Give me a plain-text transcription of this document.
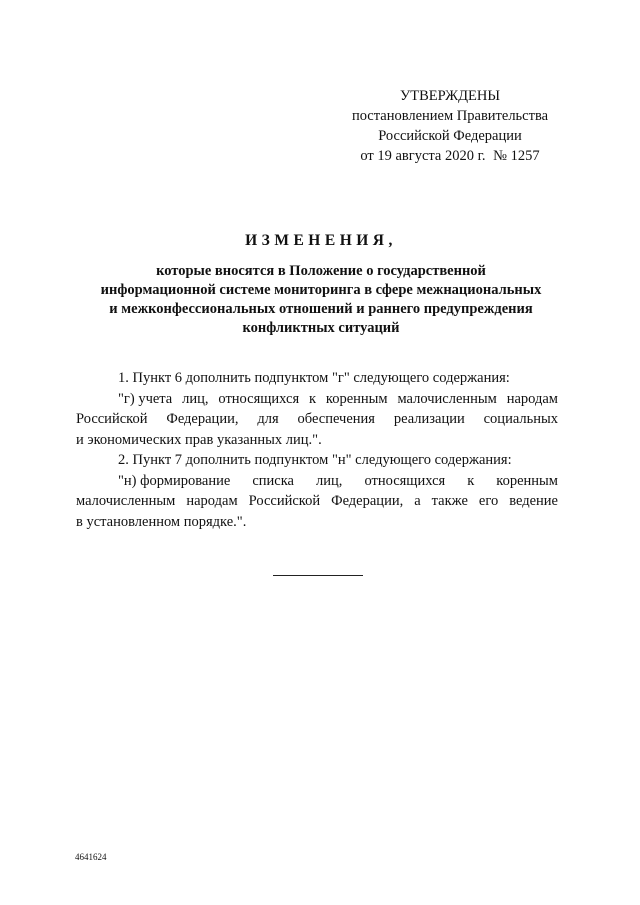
УТВЕРЖДЕНЫ
постановлением Правительства
Российской Федерации
от 19 августа 2020 г. № 1257
ИЗМЕНЕНИЯ,
которые вносятся в Положение о государственной
информационной системе мониторинга в сфере межнациональных
и межконфессиональных отношений и раннего предупреждения
конфликтных ситуаций
1. Пункт 6 дополнить подпунктом "г" следующего содержания:
"г) учета лиц, относящихся к коренным малочисленным народам
Российской Федерации, для обеспечения реализации социальных
и экономических прав указанных лиц.".
2. Пункт 7 дополнить подпунктом "н" следующего содержания:
"н) формирование списка лиц, относящихся к коренным
малочисленным народам Российской Федерации, а также его ведение
в установленном порядке.".
4641624
